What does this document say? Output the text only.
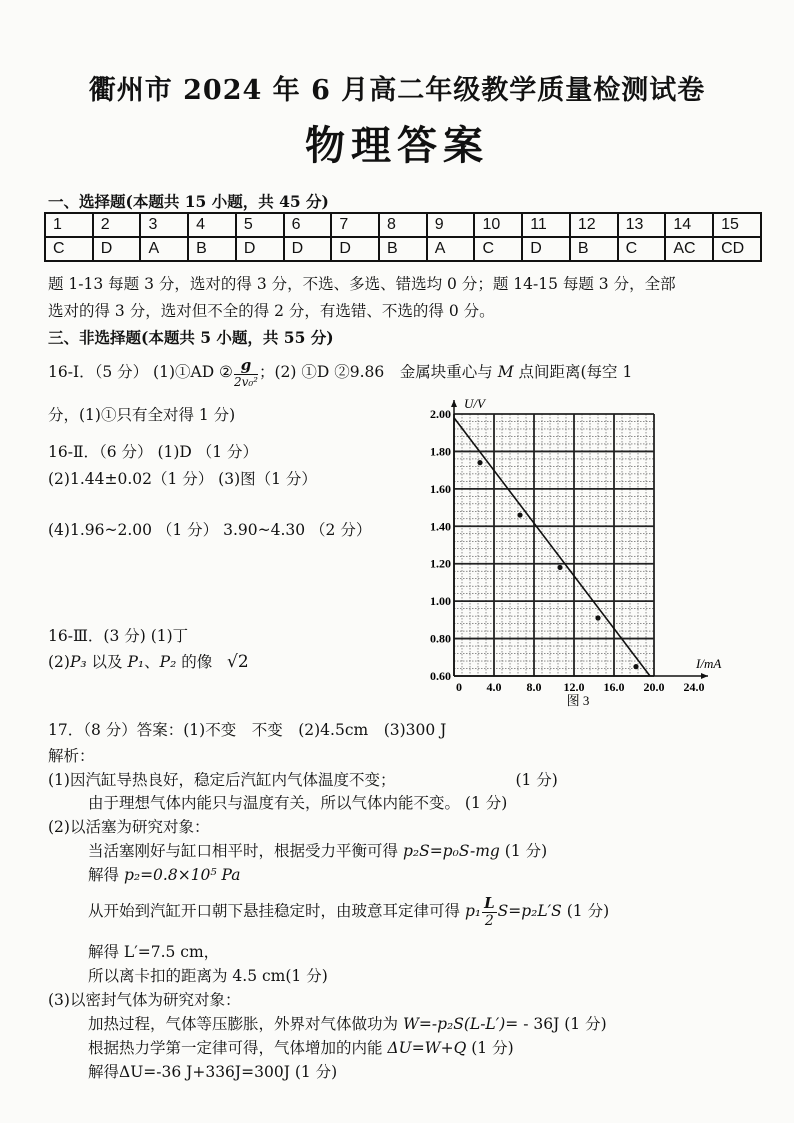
衢州市 2024 年 6 月高二年级教学质量检测试卷
物理答案
一、选择题(本题共 15 小题，共 45 分)
1	2	3	4	5	6	7	8	9	10	11	12	13	14	15
C	D	A	B	D	D	D	B	A	C	D	B	C	AC	CD
题 1-13 每题 3 分，选对的得 3 分，不选、多选、错选均 0 分；题 14-15 每题 3 分，全部
选对的得 3 分，选对但不全的得 2 分，有选错、不选的得 0 分。
三、非选择题(本题共 5 小题，共 55 分)
16-Ⅰ．（5 分） (1)①AD ② $\frac{g}{\text{2v₀²}}$ ；(2) ①D ②9.86　金属块重心与 M 点间距离(每空 1
分，(1)①只有全对得 1 分)
16-Ⅱ．（6 分） (1)D （1 分）
(2)1.44±0.02（1 分） (3)图（1 分）
(4)1.96~2.00 （1 分） 3.90~4.30 （2 分）
16-Ⅲ．(3 分) (1)丁
(2)P₃ 以及 P₁、P₂ 的像 √2
0.60
0.80
1.00
1.20
1.40
1.60
1.80
2.00
0 4.0 8.0 12.0 16.0 20.0 24.0
U/V
I/mA
图 3
17．（8 分）答案：(1)不变　不变　(2)4.5cm　(3)300 J
解析：
(1)因汽缸导热良好，稳定后汽缸内气体温度不变；	(1 分)
由于理想气体内能只与温度有关，所以气体内能不变。 (1 分)
(2)以活塞为研究对象：
当活塞刚好与缸口相平时，根据受力平衡可得 p₂S=p₀S-mg (1 分)
解得 p₂=0.8×10⁵ Pa
从开始到汽缸开口朝下悬挂稳定时，由玻意耳定律可得 $p_1 \frac{L}{2} S=p_2L'S$ (1 分)
解得 L′=7.5 cm，
所以离卡扣的距离为 4.5 cm(1 分)
(3)以密封气体为研究对象：
加热过程，气体等压膨胀，外界对气体做功为 W=-p₂S(L-L′)= - 36J (1 分)
根据热力学第一定律可得，气体增加的内能 ΔU=W+Q (1 分)
解得ΔU=-36 J+336J=300J (1 分)
